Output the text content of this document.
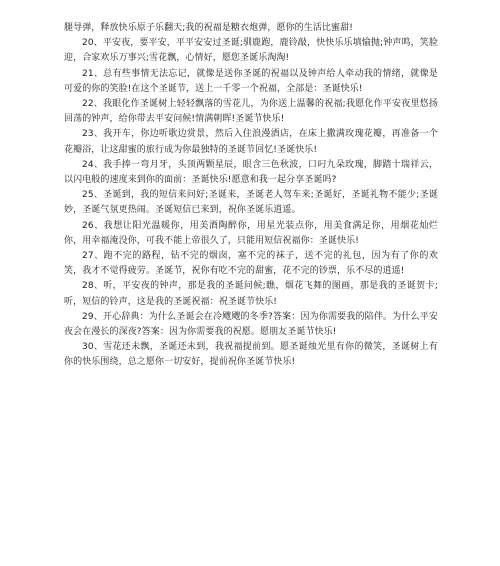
腿导弹，释放快乐原子乐翻天;我的祝福是糖衣炮弹，愿你的生活比蜜甜!

20、平安夜，要平安，平平安安过圣诞;驯鹿跑，鹿铃敲，快快乐乐填愉抛;钟声鸣，笑脸迎，合家欢乐万事兴;雪花飘，心情好，愿您圣诞乐淘淘!

21、总有些事情无法忘记，就像是送你圣诞的祝福以及钟声给人牵动我的情绪，就像是可爱的你的笑脸!在这个圣诞节，送上一千零一个祝福，全部是：圣诞快乐!

22、我眼化作圣诞树上轻轻飘落的雪花儿，为你送上温馨的祝福;我愿化作平安夜里悠扬回荡的钟声，给你带去平安问候!情满朝晖!圣诞节快乐!

23、我开车，你边听歌边赏景，然后入住浪漫酒店，在床上撒满玫瑰花瓣，再准备一个花瓣浴，让这甜蜜的旅行成为你最独特的圣诞节回忆!圣诞快乐!

24、我手捧一弯月牙，头顶两颗星辰，眼含三色秋波，口叼九朵玫瑰，脚踏十瑞祥云，以闪电般的速度来到你的面前：圣诞快乐!愿意和我一起分享圣诞吗?

25、圣诞到，我的短信来问好;圣诞来，圣诞老人驾车来;圣诞好，圣诞礼物不能少;圣诞妙，圣诞气氛更热闹。圣诞短信已来到，祝你圣诞乐逍遥。

26、我想让阳光温暖你，用美酒陶醉你，用星光装点你，用美食满足你，用烟花灿烂你，用幸福淹没你，可我不能上帝很久了，只能用短信祝福你：圣诞快乐!

27、跑不完的路程，钻不完的烟囱，塞不完的袜子，送不完的礼包，因为有了你的欢笑，我才不觉得疲劳。圣诞节，祝你有吃不完的甜蜜，花不完的钞票，乐不尽的逍遥!

28、听，平安夜的钟声，那是我的圣诞问候;瞧，烟花飞舞的图画，那是我的圣诞贺卡;听，短信的铃声，这是我的圣诞祝福：祝圣诞节快乐!

29、开心辞典：为什么圣诞会在冷飕飕的冬季?答案：因为你需要我的陪伴。为什么平安夜会在漫长的深夜?答案：因为你需要我的祝愿。愿朋友圣诞节快乐!

30、雪花还未飘，圣诞还未到，我祝福提前到。愿圣诞烛光里有你的微笑，圣诞树上有你的快乐围绕，总之愿你一切安好，提前祝你圣诞节快乐!
